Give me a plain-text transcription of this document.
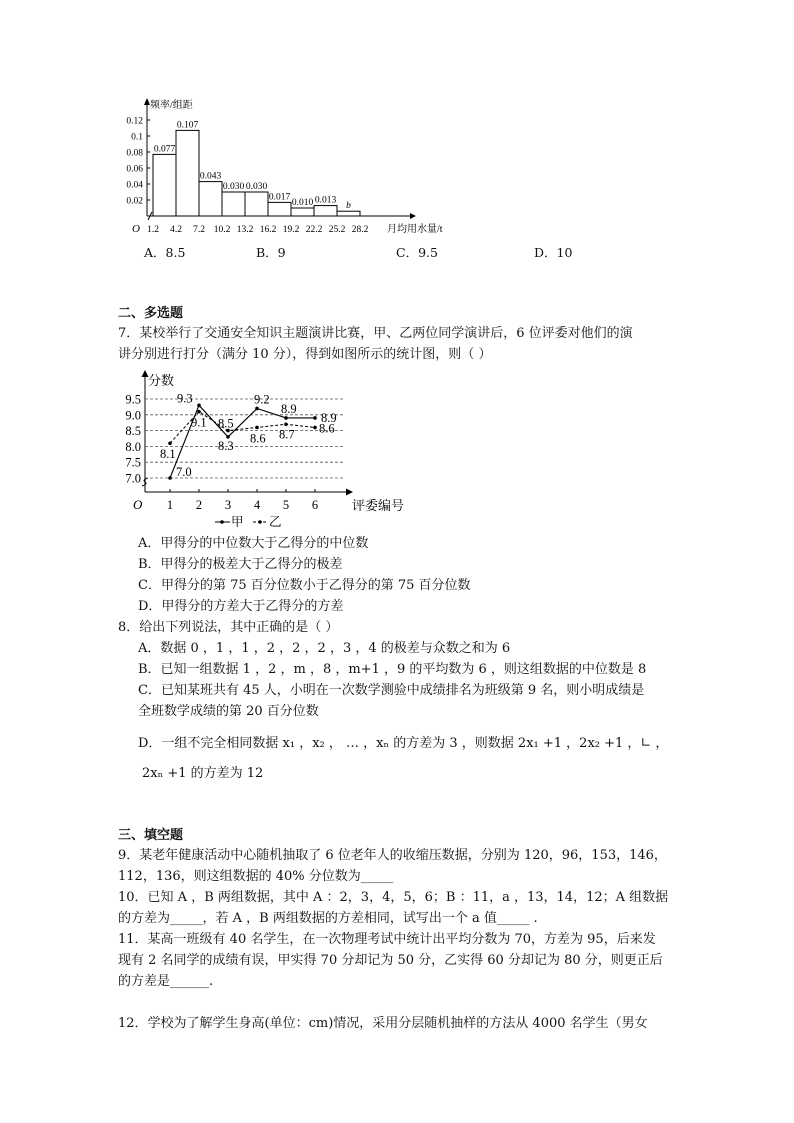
频率/组距
月均用水量/t
O
0.02
0.04
0.06
0.08
0.1
0.12
0.077
0.107
0.043
0.030 0.030
0.017
0.010 0.013
b
1.2 4.2 7.2 10.2 13.2 16.2 19.2 22.2 25.2 28.2
A．8.5	B．9	C．9.5	D．10
二、多选题
7．某校举行了交通安全知识主题演讲比赛，甲、乙两位同学演讲后，6 位评委对他们的演
讲分别进行打分（满分 10 分），得到如图所示的统计图，则（ ）
分数
评委编号
O
7.0
7.5
8.0
8.5
9.0
9.5
1 2 3 4 5 6
7.0
9.3
8.3
9.2
8.9
8.9
8.1
9.1 8.5
8.6 8.7 8.6
甲 乙
A．甲得分的中位数大于乙得分的中位数
B．甲得分的极差大于乙得分的极差
C．甲得分的第 75 百分位数小于乙得分的第 75 百分位数
D．甲得分的方差大于乙得分的方差
8．给出下列说法，其中正确的是（ ）
A．数据 0 ，1 ，1 ，2 ，2 ，2 ，3 ，4 的极差与众数之和为 6
B．已知一组数据 1 ，2 ，m ，8 ，m+1 ，9 的平均数为 6 ，则这组数据的中位数是 8
C．已知某班共有 45 人，小明在一次数学测验中成绩排名为班级第 9 名，则小明成绩是
全班数学成绩的第 20 百分位数
D．一组不完全相同数据 x₁ ，x₂ ， … ，xₙ 的方差为 3 ，则数据 2x₁ +1 ，2x₂ +1 ，∟ ，
2xₙ +1 的方差为 12
三、填空题
9．某老年健康活动中心随机抽取了 6 位老年人的收缩压数据，分别为 120，96，153，146，
112，136，则这组数据的 40% 分位数为_____
10．已知 A ，B 两组数据，其中 A ：2，3，4，5，6；B ：11，a ，13，14，12；A 组数据
的方差为_____，若 A ，B 两组数据的方差相同，试写出一个 a 值_____ .
11．某高一班级有 40 名学生，在一次物理考试中统计出平均分数为 70，方差为 95，后来发
现有 2 名同学的成绩有误，甲实得 70 分却记为 50 分，乙实得 60 分却记为 80 分，则更正后
的方差是______.
12．学校为了解学生身高(单位：cm)情况，采用分层随机抽样的方法从 4000 名学生（男女
